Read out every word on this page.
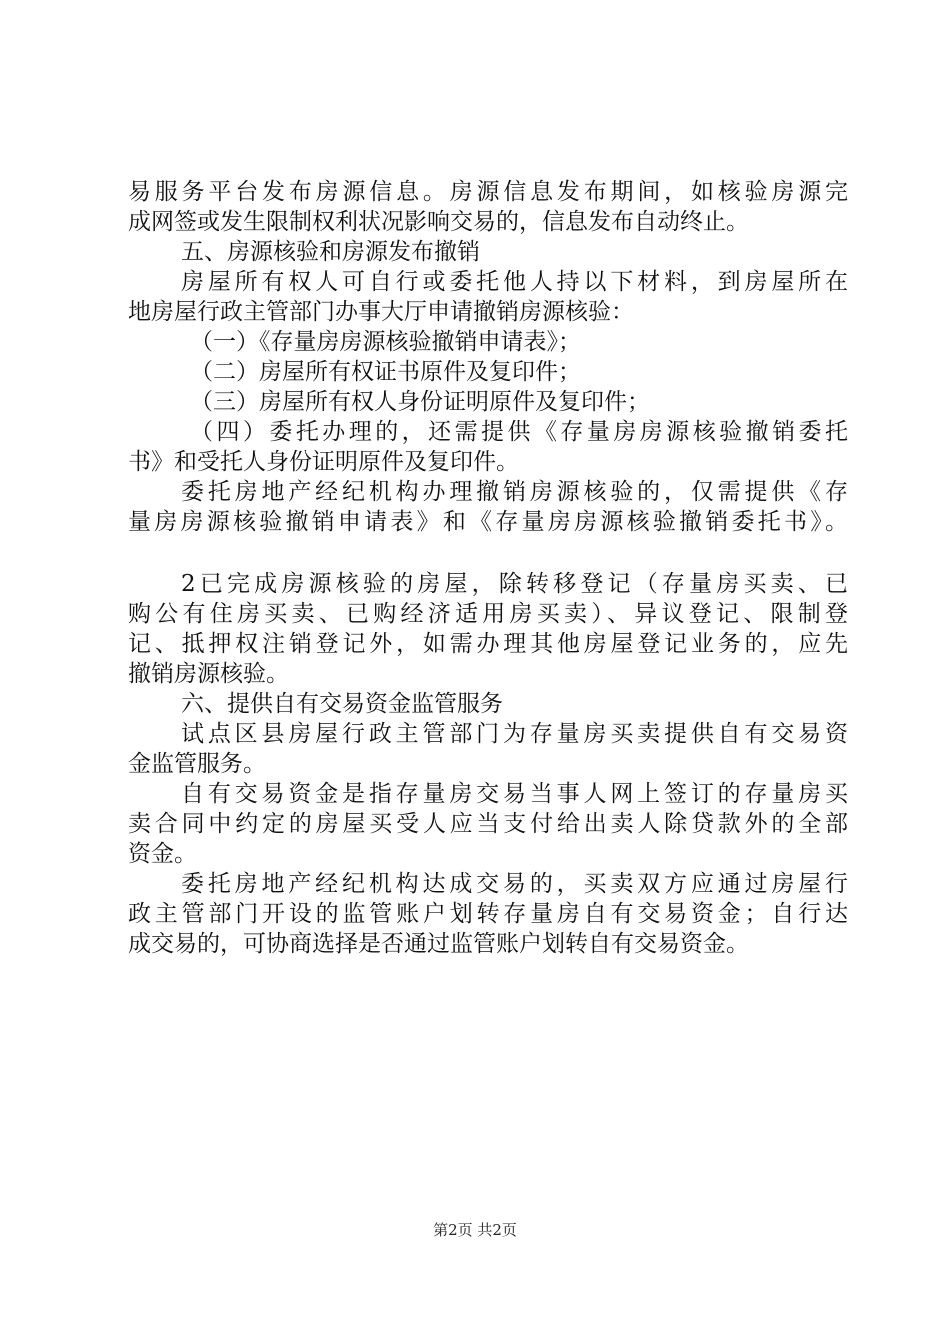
易服务平台发布房源信息。房源信息发布期间，如核验房源完
成网签或发生限制权利状况影响交易的，信息发布自动终止。
五、房源核验和房源发布撤销
房屋所有权人可自行或委托他人持以下材料，到房屋所在
地房屋行政主管部门办事大厅申请撤销房源核验：
（一）《存量房房源核验撤销申请表》；
（二）房屋所有权证书原件及复印件；
（三）房屋所有权人身份证明原件及复印件；
（四）委托办理的，还需提供《存量房房源核验撤销委托
书》和受托人身份证明原件及复印件。
委托房地产经纪机构办理撤销房源核验的，仅需提供《存
量房房源核验撤销申请表》和《存量房房源核验撤销委托书》。
2已完成房源核验的房屋，除转移登记（存量房买卖、已
购公有住房买卖、已购经济适用房买卖）、异议登记、限制登
记、抵押权注销登记外，如需办理其他房屋登记业务的，应先
撤销房源核验。
六、提供自有交易资金监管服务
试点区县房屋行政主管部门为存量房买卖提供自有交易资
金监管服务。
自有交易资金是指存量房交易当事人网上签订的存量房买
卖合同中约定的房屋买受人应当支付给出卖人除贷款外的全部
资金。
委托房地产经纪机构达成交易的，买卖双方应通过房屋行
政主管部门开设的监管账户划转存量房自有交易资金；自行达
成交易的，可协商选择是否通过监管账户划转自有交易资金。
第2页 共2页
